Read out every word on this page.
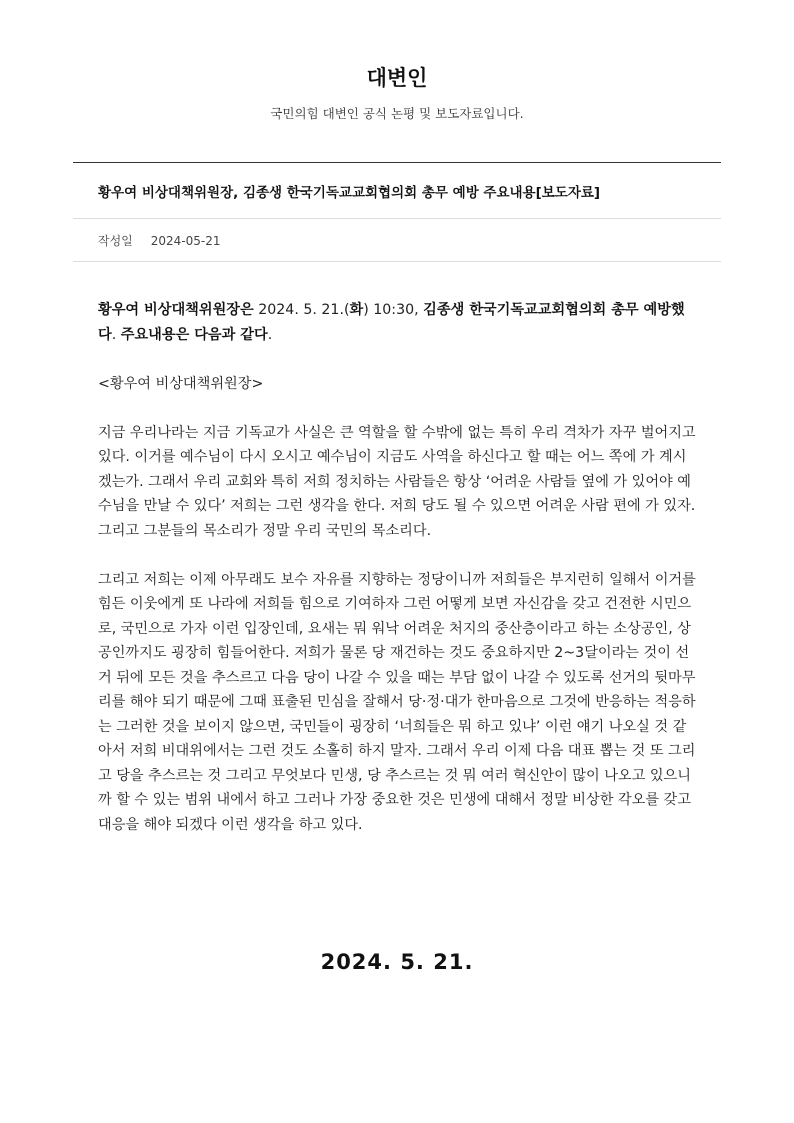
대변인
국민의힘 대변인 공식 논평 및 보도자료입니다.
황우여 비상대책위원장, 김종생 한국기독교교회협의회 총무 예방 주요내용[보도자료]
작성일 2024-05-21

황우여 비상대책위원장은 2024. 5. 21.(화) 10:30, 김종생 한국기독교교회협의회 총무 예방했다. 주요내용은 다음과 같다.

<황우여 비상대책위원장>

지금 우리나라는 지금 기독교가 사실은 큰 역할을 할 수밖에 없는 특히 우리 격차가 자꾸 벌어지고 있다. 이거를 예수님이 다시 오시고 예수님이 지금도 사역을 하신다고 할 때는 어느 쪽에 가 계시겠는가. 그래서 우리 교회와 특히 저희 정치하는 사람들은 항상 ‘어려운 사람들 옆에 가 있어야 예수님을 만날 수 있다’ 저희는 그런 생각을 한다. 저희 당도 될 수 있으면 어려운 사람 편에 가 있자. 그리고 그분들의 목소리가 정말 우리 국민의 목소리다.

그리고 저희는 이제 아무래도 보수 자유를 지향하는 정당이니까 저희들은 부지런히 일해서 이거를 힘든 이웃에게 또 나라에 저희들 힘으로 기여하자 그런 어떻게 보면 자신감을 갖고 건전한 시민으로, 국민으로 가자 이런 입장인데, 요새는 뭐 워낙 어려운 처지의 중산층이라고 하는 소상공인, 상공인까지도 굉장히 힘들어한다. 저희가 물론 당 재건하는 것도 중요하지만 2~3달이라는 것이 선거 뒤에 모든 것을 추스르고 다음 당이 나갈 수 있을 때는 부담 없이 나갈 수 있도록 선거의 뒷마무리를 해야 되기 때문에 그때 표출된 민심을 잘해서 당·정·대가 한마음으로 그것에 반응하는 적응하는 그러한 것을 보이지 않으면, 국민들이 굉장히 ‘너희들은 뭐 하고 있냐’ 이런 얘기 나오실 것 같아서 저희 비대위에서는 그런 것도 소홀히 하지 말자. 그래서 우리 이제 다음 대표 뽑는 것 또 그리고 당을 추스르는 것 그리고 무엇보다 민생, 당 추스르는 것 뭐 여러 혁신안이 많이 나오고 있으니까 할 수 있는 범위 내에서 하고 그러나 가장 중요한 것은 민생에 대해서 정말 비상한 각오를 갖고 대응을 해야 되겠다 이런 생각을 하고 있다.

2024. 5. 21.
